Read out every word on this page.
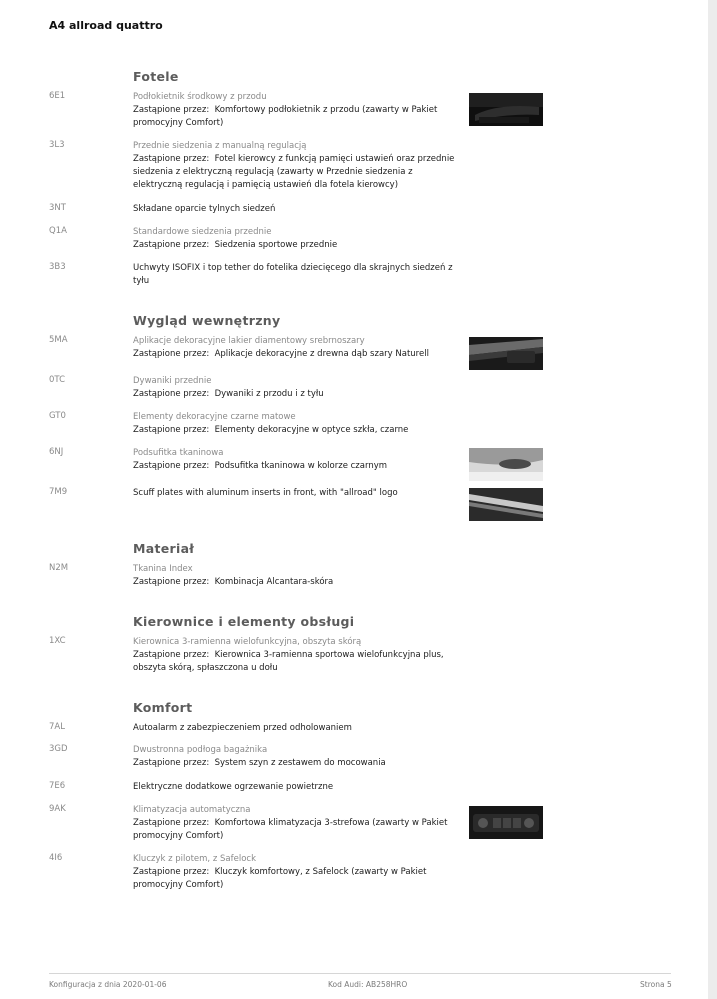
A4 allroad quattro
Fotele
6E1	Podłokietnik środkowy z przodu
Zastąpione przez: Komfortowy podłokietnik z przodu (zawarty w Pakiet promocyjny Comfort)
3L3	Przednie siedzenia z manualną regulacją
Zastąpione przez: Fotel kierowcy z funkcją pamięci ustawień oraz przednie siedzenia z elektryczną regulacją (zawarty w Przednie siedzenia z elektryczną regulacją i pamięcią ustawień dla fotela kierowcy)
3NT	Składane oparcie tylnych siedzeń
Q1A	Standardowe siedzenia przednie
Zastąpione przez: Siedzenia sportowe przednie
3B3	Uchwyty ISOFIX i top tether do fotelika dziecięcego dla skrajnych siedzeń z tyłu
Wygląd wewnętrzny
5MA	Aplikacje dekoracyjne lakier diamentowy srebrnoszary
Zastąpione przez: Aplikacje dekoracyjne z drewna dąb szary Naturell
0TC	Dywaniki przednie
Zastąpione przez: Dywaniki z przodu i z tyłu
GT0	Elementy dekoracyjne czarne matowe
Zastąpione przez: Elementy dekoracyjne w optyce szkła, czarne
6NJ	Podsufitka tkaninowa
Zastąpione przez: Podsufitka tkaninowa w kolorze czarnym
7M9	Scuff plates with aluminum inserts in front, with "allroad" logo
Materiał
N2M	Tkanina Index
Zastąpione przez: Kombinacja Alcantara-skóra
Kierownice i elementy obsługi
1XC	Kierownica 3-ramienna wielofunkcyjna, obszyta skórą
Zastąpione przez: Kierownica 3-ramienna sportowa wielofunkcyjna plus, obszyta skórą, spłaszczona u dołu
Komfort
7AL	Autoalarm z zabezpieczeniem przed odholowaniem
3GD	Dwustronna podłoga bagażnika
Zastąpione przez: System szyn z zestawem do mocowania
7E6	Elektryczne dodatkowe ogrzewanie powietrzne
9AK	Klimatyzacja automatyczna
Zastąpione przez: Komfortowa klimatyzacja 3-strefowa (zawarty w Pakiet promocyjny Comfort)
4I6	Kluczyk z pilotem, z Safelock
Zastąpione przez: Kluczyk komfortowy, z Safelock (zawarty w Pakiet promocyjny Comfort)
Konfiguracja z dnia 2020-01-06	Kod Audi: AB258HRO	Strona 5
